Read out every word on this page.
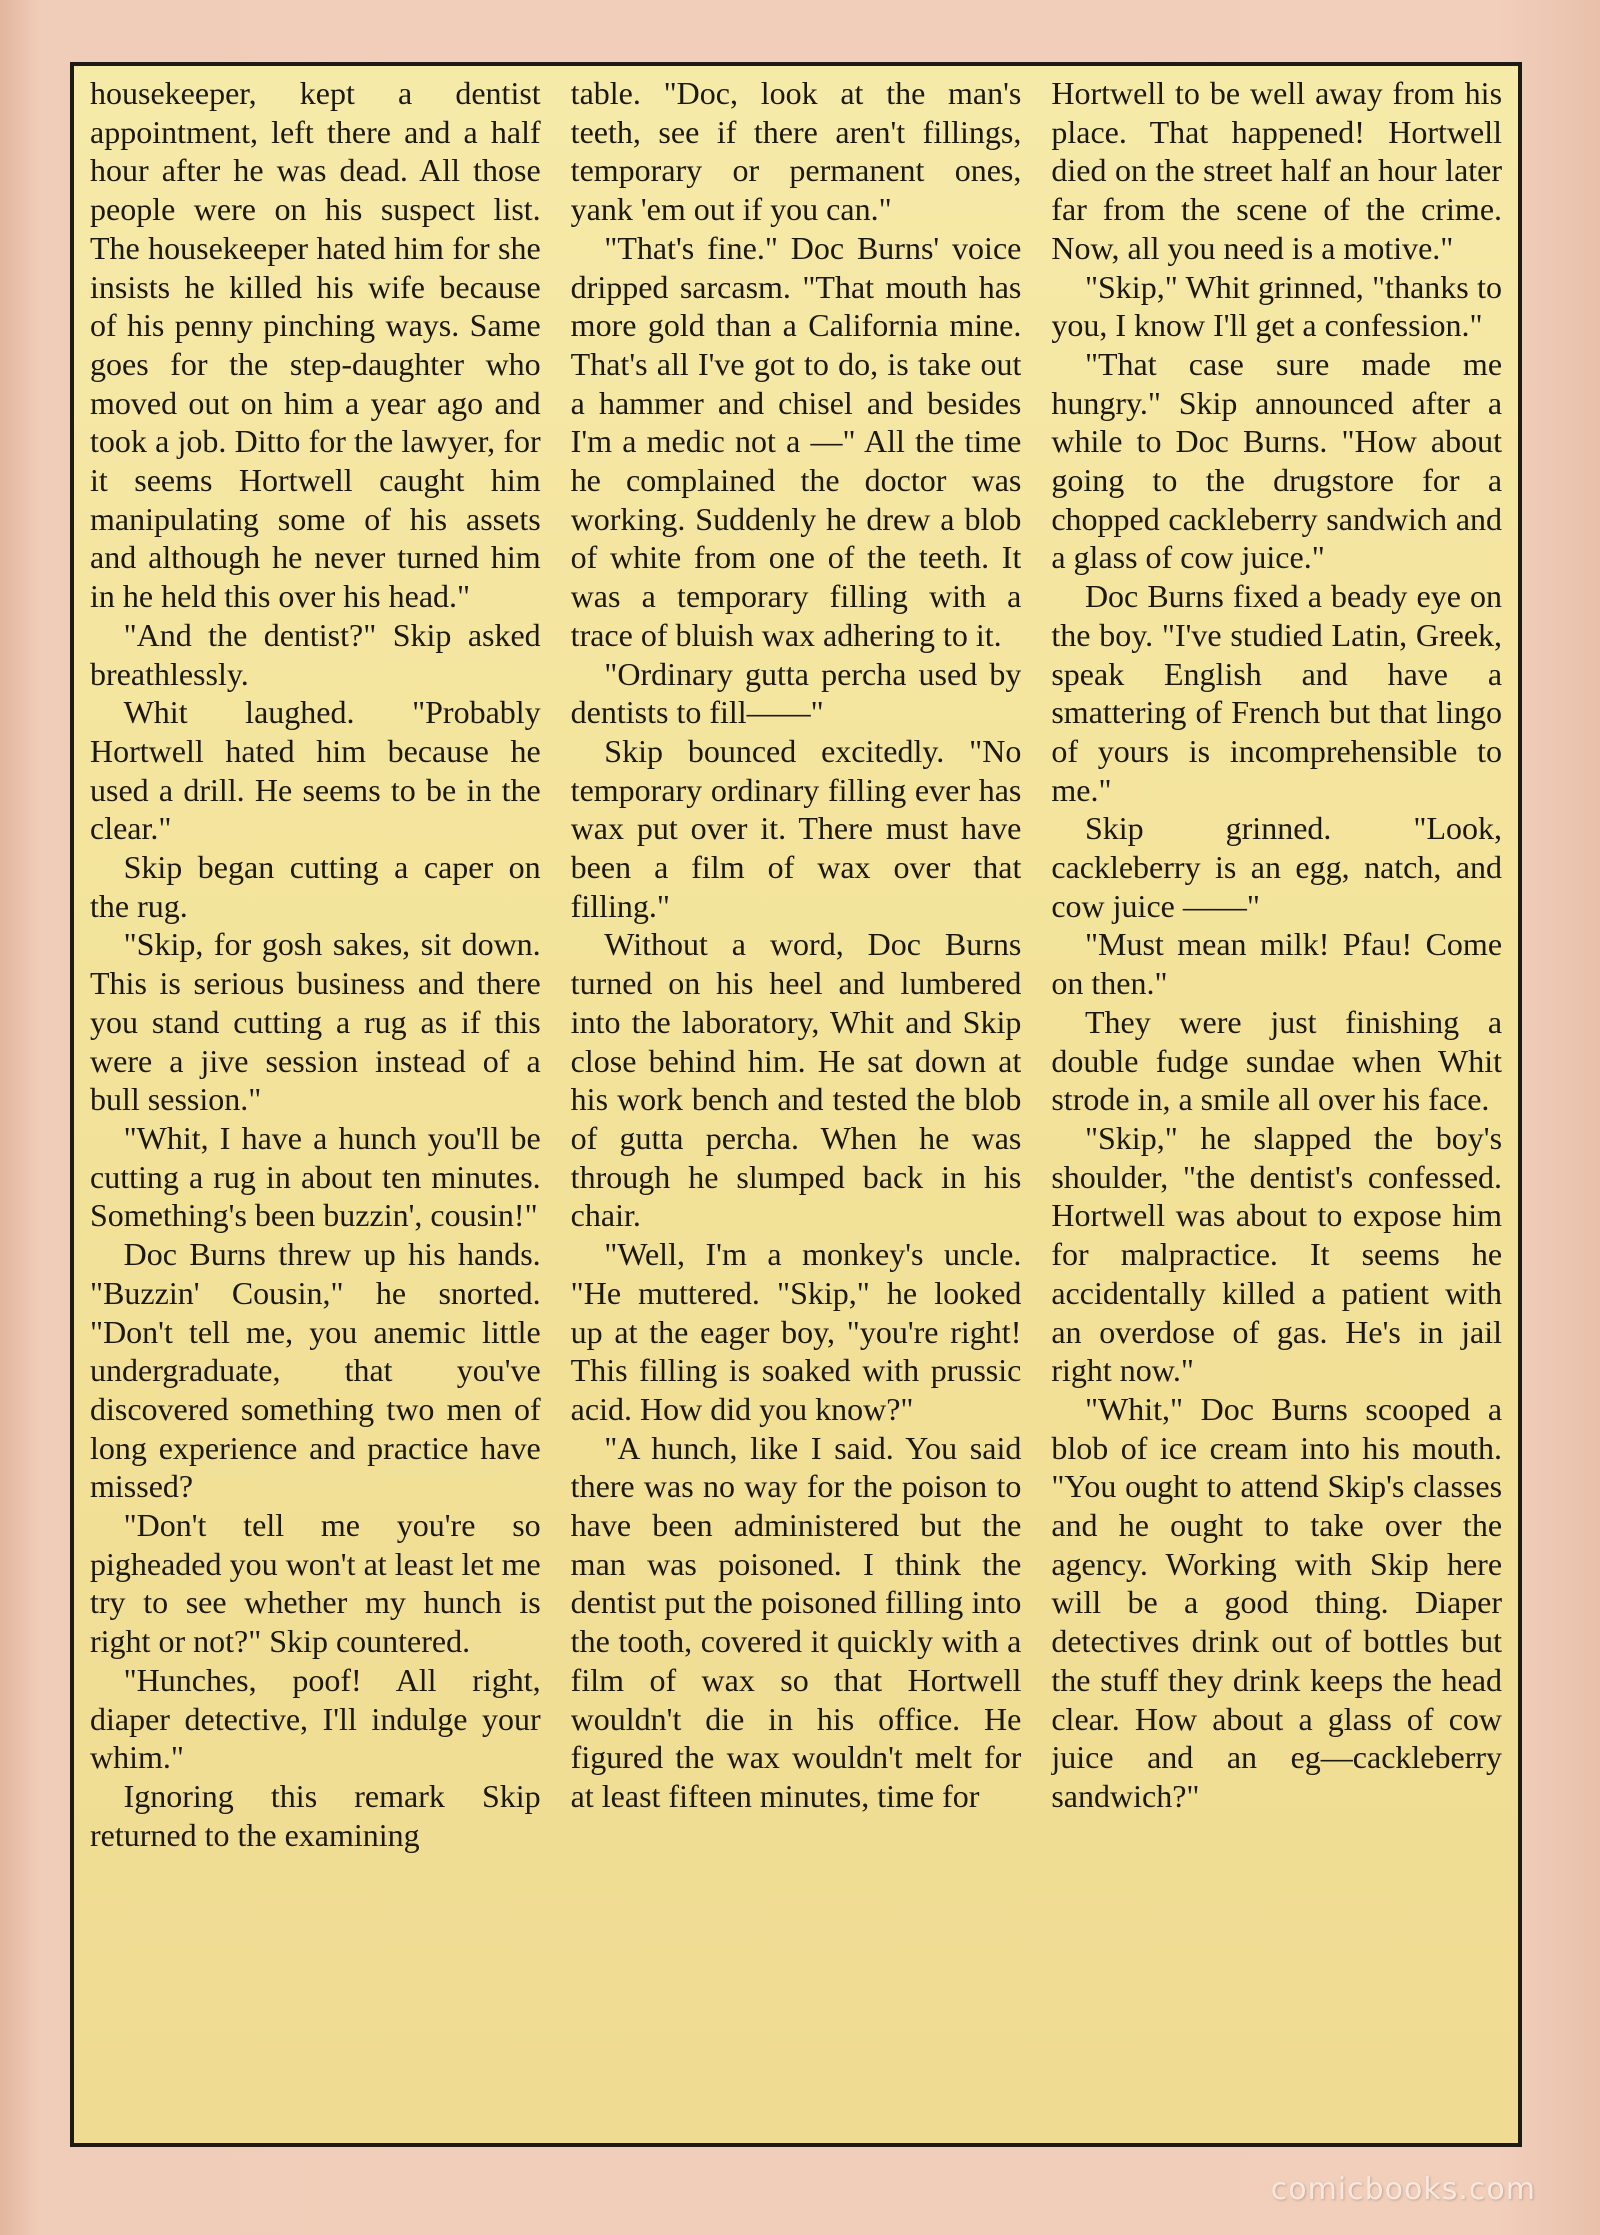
housekeeper, kept a dentist appointment, left there and a half hour after he was dead. All those people were on his suspect list. The housekeeper hated him for she insists he killed his wife because of his penny pinching ways. Same goes for the step-daughter who moved out on him a year ago and took a job. Ditto for the lawyer, for it seems Hortwell caught him manipulating some of his assets and although he never turned him in he held this over his head."

"And the dentist?" Skip asked breathlessly.

Whit laughed. "Probably Hortwell hated him because he used a drill. He seems to be in the clear."

Skip began cutting a caper on the rug.

"Skip, for gosh sakes, sit down. This is serious business and there you stand cutting a rug as if this were a jive session instead of a bull session."

"Whit, I have a hunch you'll be cutting a rug in about ten minutes. Something's been buzzin', cousin!"

Doc Burns threw up his hands. "Buzzin' Cousin," he snorted. "Don't tell me, you anemic little undergraduate, that you've discovered something two men of long experience and practice have missed?

"Don't tell me you're so pigheaded you won't at least let me try to see whether my hunch is right or not?" Skip countered.

"Hunches, poof! All right, diaper detective, I'll indulge your whim."

Ignoring this remark Skip returned to the examining

table. "Doc, look at the man's teeth, see if there aren't fillings, temporary or permanent ones, yank 'em out if you can."

"That's fine." Doc Burns' voice dripped sarcasm. "That mouth has more gold than a California mine. That's all I've got to do, is take out a hammer and chisel and besides I'm a medic not a —" All the time he complained the doctor was working. Suddenly he drew a blob of white from one of the teeth. It was a temporary filling with a trace of bluish wax adhering to it.

"Ordinary gutta percha used by dentists to fill——"

Skip bounced excitedly. "No temporary ordinary filling ever has wax put over it. There must have been a film of wax over that filling."

Without a word, Doc Burns turned on his heel and lumbered into the laboratory, Whit and Skip close behind him. He sat down at his work bench and tested the blob of gutta percha. When he was through he slumped back in his chair.

"Well, I'm a monkey's uncle. "He muttered. "Skip," he looked up at the eager boy, "you're right! This filling is soaked with prussic acid. How did you know?"

"A hunch, like I said. You said there was no way for the poison to have been administered but the man was poisoned. I think the dentist put the poisoned filling into the tooth, covered it quickly with a film of wax so that Hortwell wouldn't die in his office. He figured the wax wouldn't melt for at least fifteen minutes, time for

Hortwell to be well away from his place. That happened! Hortwell died on the street half an hour later far from the scene of the crime. Now, all you need is a motive."

"Skip," Whit grinned, "thanks to you, I know I'll get a confession."

"That case sure made me hungry." Skip announced after a while to Doc Burns. "How about going to the drugstore for a chopped cackleberry sandwich and a glass of cow juice."

Doc Burns fixed a beady eye on the boy. "I've studied Latin, Greek, speak English and have a smattering of French but that lingo of yours is incomprehensible to me."

Skip grinned. "Look, cackleberry is an egg, natch, and cow juice ——"

"Must mean milk! Pfau! Come on then."

They were just finishing a double fudge sundae when Whit strode in, a smile all over his face.

"Skip," he slapped the boy's shoulder, "the dentist's confessed. Hortwell was about to expose him for malpractice. It seems he accidentally killed a patient with an overdose of gas. He's in jail right now."

"Whit," Doc Burns scooped a blob of ice cream into his mouth. "You ought to attend Skip's classes and he ought to take over the agency. Working with Skip here will be a good thing. Diaper detectives drink out of bottles but the stuff they drink keeps the head clear. How about a glass of cow juice and an eg—cackleberry sandwich?"

comicbooks.com
